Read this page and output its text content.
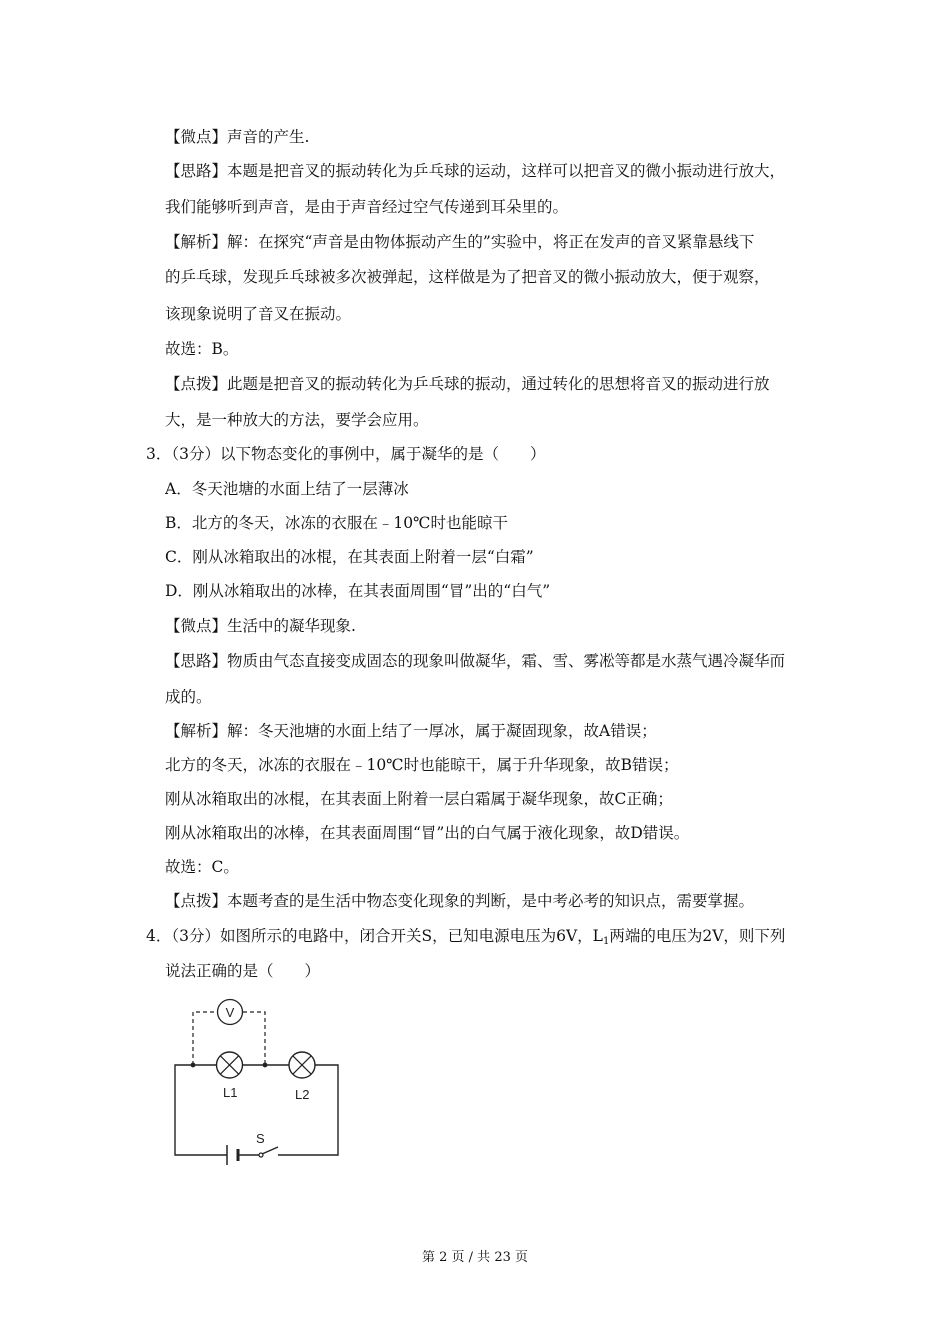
【微点】声音的产生.
【思路】本题是把音叉的振动转化为乒乓球的运动，这样可以把音叉的微小振动进行放大，
我们能够听到声音，是由于声音经过空气传递到耳朵里的。
【解析】解：在探究“声音是由物体振动产生的”实验中，将正在发声的音叉紧靠悬线下
的乒乓球，发现乒乓球被多次被弹起，这样做是为了把音叉的微小振动放大，便于观察，
该现象说明了音叉在振动。
故选：B。
【点拨】此题是把音叉的振动转化为乒乓球的振动，通过转化的思想将音叉的振动进行放
大，是一种放大的方法，要学会应用。
3．（3分）以下物态变化的事例中，属于凝华的是（　　）
A．冬天池塘的水面上结了一层薄冰
B．北方的冬天，冰冻的衣服在﹣10℃时也能晾干
C．刚从冰箱取出的冰棍，在其表面上附着一层“白霜”
D．刚从冰箱取出的冰棒，在其表面周围“冒”出的“白气”
【微点】生活中的凝华现象.
【思路】物质由气态直接变成固态的现象叫做凝华，霜、雪、雾凇等都是水蒸气遇冷凝华而
成的。
【解析】解：冬天池塘的水面上结了一厚冰，属于凝固现象，故A错误；
北方的冬天，冰冻的衣服在﹣10℃时也能晾干，属于升华现象，故B错误；
刚从冰箱取出的冰棍，在其表面上附着一层白霜属于凝华现象，故C正确；
刚从冰箱取出的冰棒，在其表面周围“冒”出的白气属于液化现象，故D错误。
故选：C。
【点拨】本题考查的是生活中物态变化现象的判断，是中考必考的知识点，需要掌握。
4．（3分）如图所示的电路中，闭合开关S，已知电源电压为6V，$L_1$两端的电压为2V，则下列
说法正确的是（　　）
V
L1	L2
S
第 2 页 / 共 23 页
